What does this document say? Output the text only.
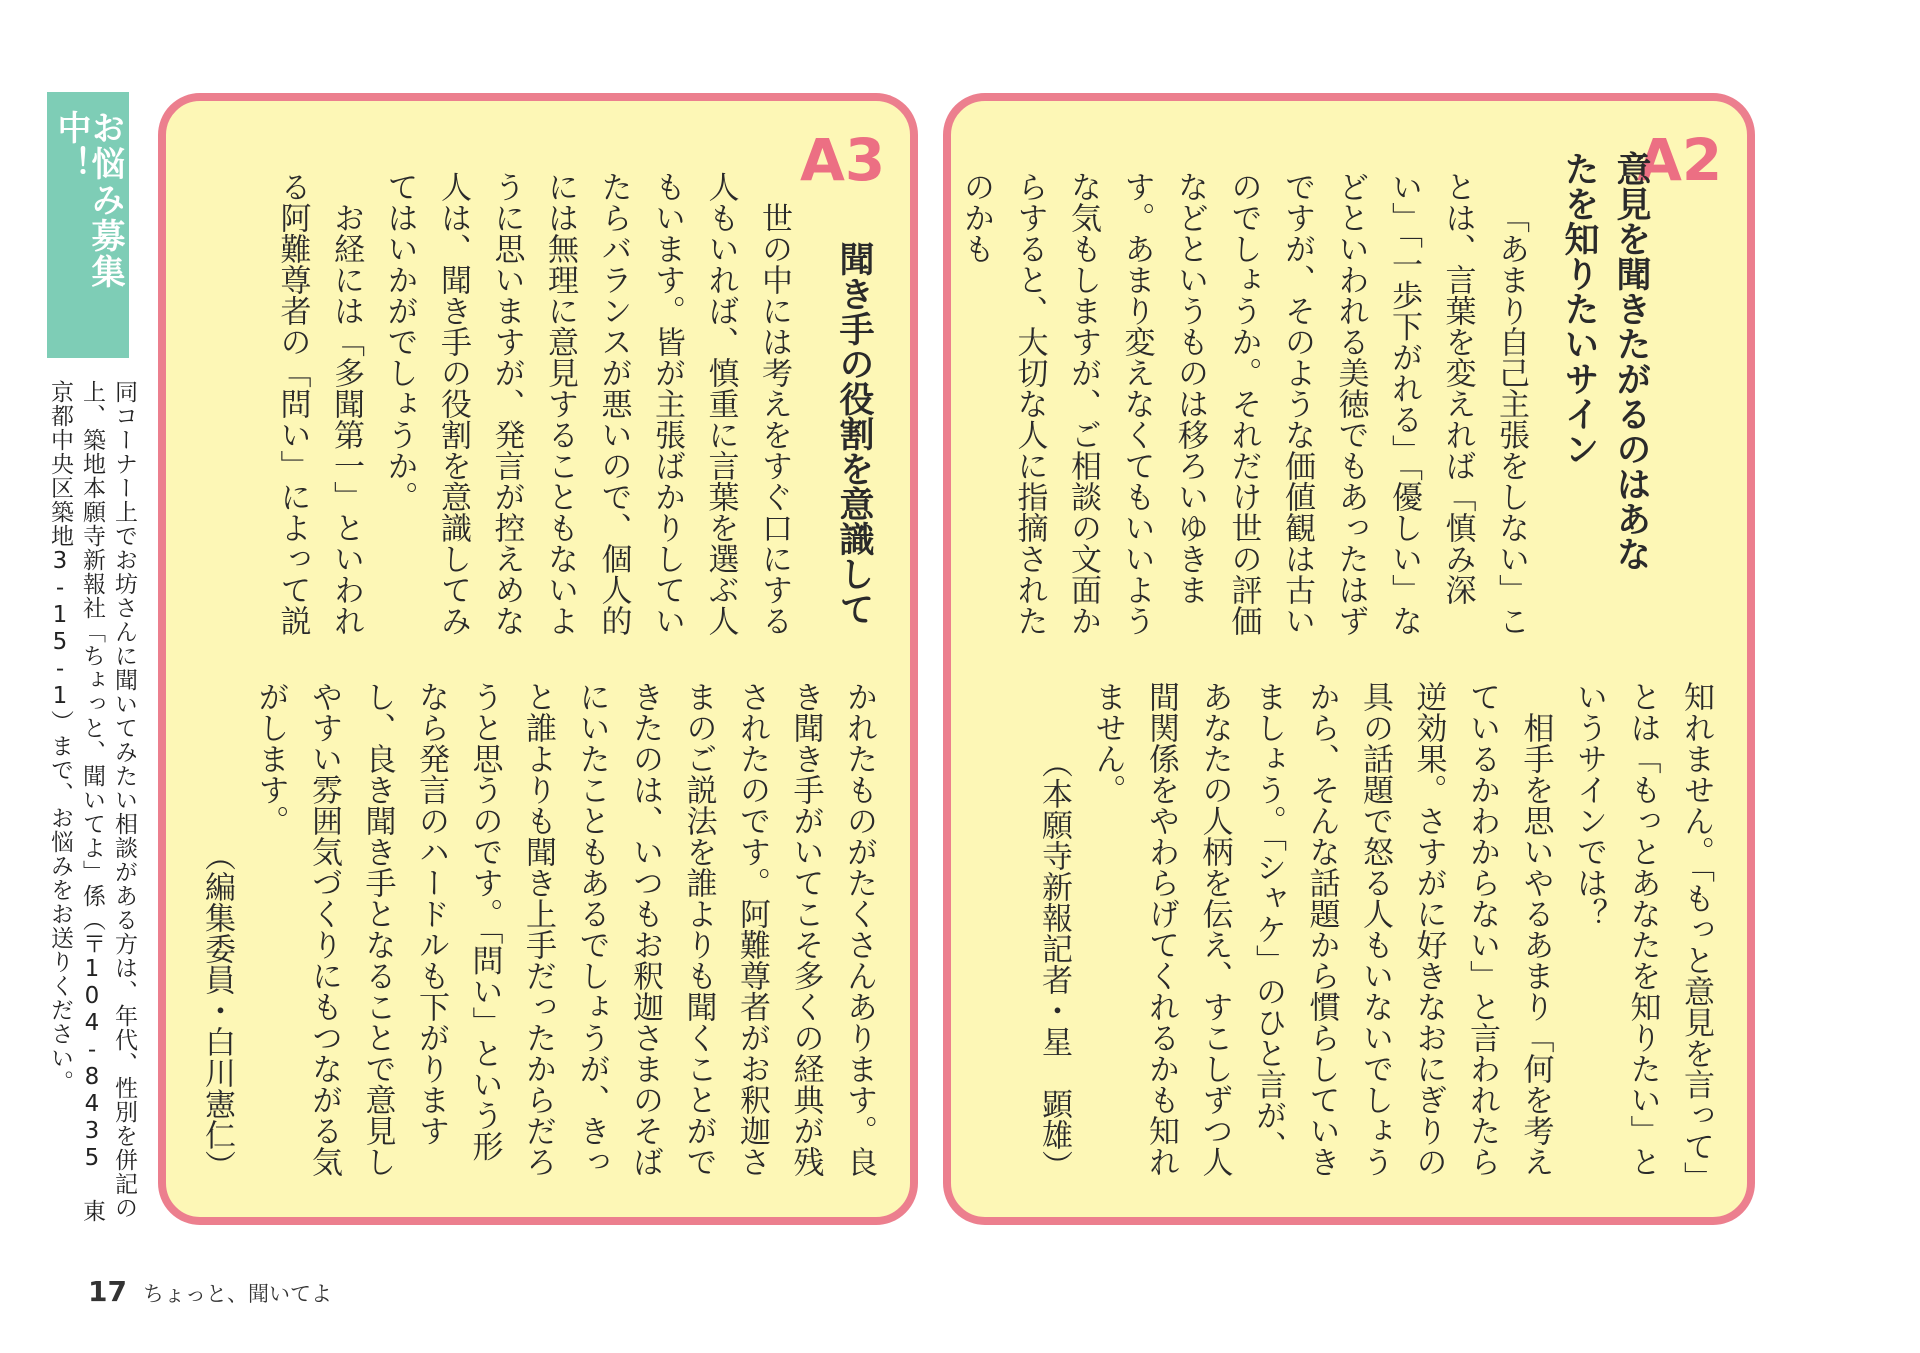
お悩み募集中！
同コーナー上でお坊さんに聞いてみたい相談がある方は、年代、性別を併記の上、築地本願寺新報社「ちょっと、聞いてよ」係（〒104-8435 東京都中央区築地3-15-1）まで、お悩みをお送りください。
A3
聞き手の役割を意識して

世の中には考えをすぐ口にする人もいれば、慎重に言葉を選ぶ人もいます。皆が主張ばかりしていたらバランスが悪いので、個人的には無理に意見することもないように思いますが、発言が控えめな人は、聞き手の役割を意識してみてはいかがでしょうか。

お経には「多聞第一」といわれる阿難尊者の「問い」によって説

かれたものがたくさんあります。良き聞き手がいてこそ多くの経典が残されたのです。阿難尊者がお釈迦さまのご説法を誰よりも聞くことができたのは、いつもお釈迦さまのそばにいたこともあるでしょうが、きっと誰よりも聞き上手だったからだろうと思うのです。「問い」という形なら発言のハードルも下がりますし、良き聞き手となることで意見しやすい雰囲気づくりにもつながる気がします。

（編集委員・白川憲仁）

A2
意見を聞きたがるのはあなたを知りたいサイン

「あまり自己主張をしない」ことは、言葉を変えれば「慎み深い」「一歩下がれる」「優しい」などといわれる美徳でもあったはずですが、そのような価値観は古いのでしょうか。それだけ世の評価などというものは移ろいゆきます。あまり変えなくてもいいような気もしますが、ご相談の文面からすると、大切な人に指摘されたのかも

知れません。「もっと意見を言って」とは「もっとあなたを知りたい」というサインでは？

相手を思いやるあまり「何を考えているかわからない」と言われたら逆効果。さすがに好きなおにぎりの具の話題で怒る人もいないでしょうから、そんな話題から慣らしていきましょう。「シャケ」のひと言が、あなたの人柄を伝え、すこしずつ人間関係をやわらげてくれるかも知れません。

（本願寺新報記者・星　顕雄）

17 ちょっと、聞いてよ
